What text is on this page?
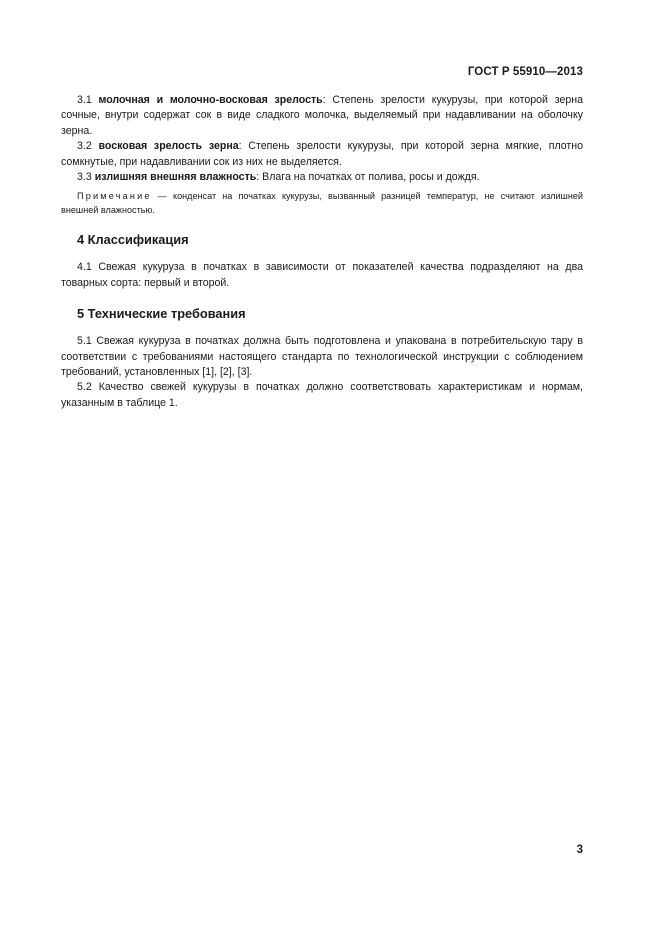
ГОСТ Р 55910—2013

3.1 молочная и молочно-восковая зрелость: Степень зрелости кукурузы, при которой зерна сочные, внутри содержат сок в виде сладкого молочка, выделяемый при надавливании на оболочку зерна.

3.2 восковая зрелость зерна: Степень зрелости кукурузы, при которой зерна мягкие, плотно сомкнутые, при надавливании сок из них не выделяется.

3.3 излишняя внешняя влажность: Влага на початках от полива, росы и дождя.

Примечание — конденсат на початках кукурузы, вызванный разницей температур, не считают излишней внешней влажностью.

4 Классификация

4.1 Свежая кукуруза в початках в зависимости от показателей качества подразделяют на два товарных сорта: первый и второй.

5 Технические требования

5.1 Свежая кукуруза в початках должна быть подготовлена и упакована в потребительскую тару в соответствии с требованиями настоящего стандарта по технологической инструкции с соблюдением требований, установленных [1], [2], [3].

5.2 Качество свежей кукурузы в початках должно соответствовать характеристикам и нормам, указанным в таблице 1.

3
